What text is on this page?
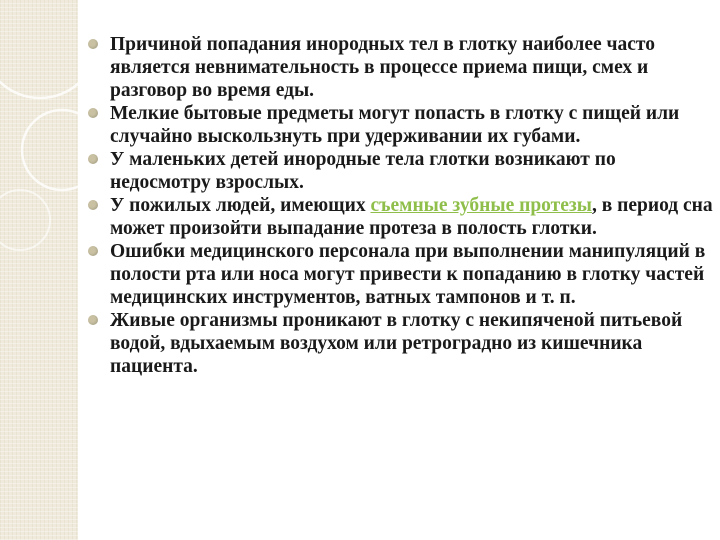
Причиной попадания инородных тел в глотку наиболее часто является невнимательность в процессе приема пищи, смех и разговор во время еды.
Мелкие бытовые предметы могут попасть в глотку с пищей или случайно выскользнуть при удерживании их губами.
У маленьких детей инородные тела глотки возникают по недосмотру взрослых.
У пожилых людей, имеющих съемные зубные протезы, в период сна может произойти выпадание протеза в полость глотки.
Ошибки медицинского персонала при выполнении манипуляций в полости рта или носа могут привести к попаданию в глотку частей медицинских инструментов, ватных тампонов и т. п.
Живые организмы проникают в глотку с некипяченой питьевой водой, вдыхаемым воздухом или ретроградно из кишечника пациента.
